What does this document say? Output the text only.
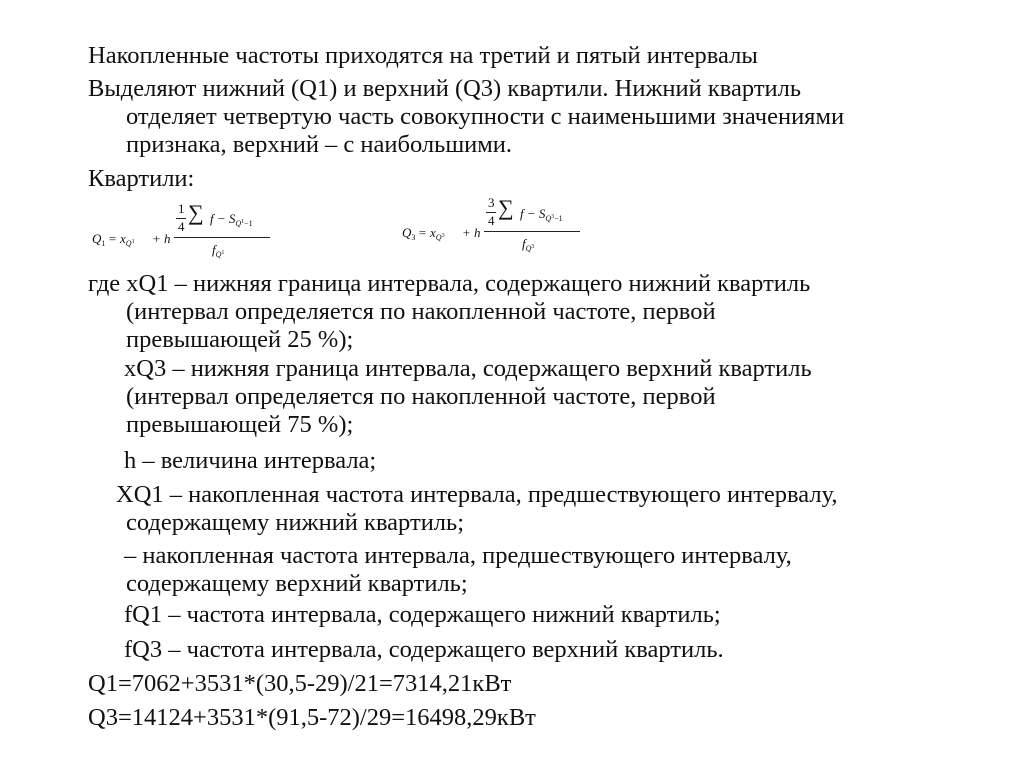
Накопленные частоты приходятся на третий и пятый интервалы

Выделяют нижний (Q1) и верхний (Q3) квартили. Нижний квартиль
отделяет четвертую часть совокупности с наименьшими значениями
признака, верхний – с наибольшими.

Квартили:

$Q_1 = x_Q1 + h$
1
4
∑ $f - S_Q1_{-1}$
$f_Q1$
$Q_3 = x_Q3 + h$
3
4
∑ $f - S_Q3_{-1}$
$f_Q3$
где xQ1 – нижняя граница интервала, содержащего нижний квартиль
(интервал определяется по накопленной частоте, первой
превышающей 25 %);
xQ3 – нижняя граница интервала, содержащего верхний квартиль
(интервал определяется по накопленной частоте, первой
превышающей 75 %);

h – величина интервала;

XQ1 – накопленная частота интервала, предшествующего интервалу,
содержащему нижний квартиль;
– накопленная частота интервала, предшествующего интервалу,
содержащему верхний квартиль;

fQ1 – частота интервала, содержащего нижний квартиль;

fQ3 – частота интервала, содержащего верхний квартиль.

Q1=7062+3531*(30,5-29)/21=7314,21кВт

Q3=14124+3531*(91,5-72)/29=16498,29кВт
